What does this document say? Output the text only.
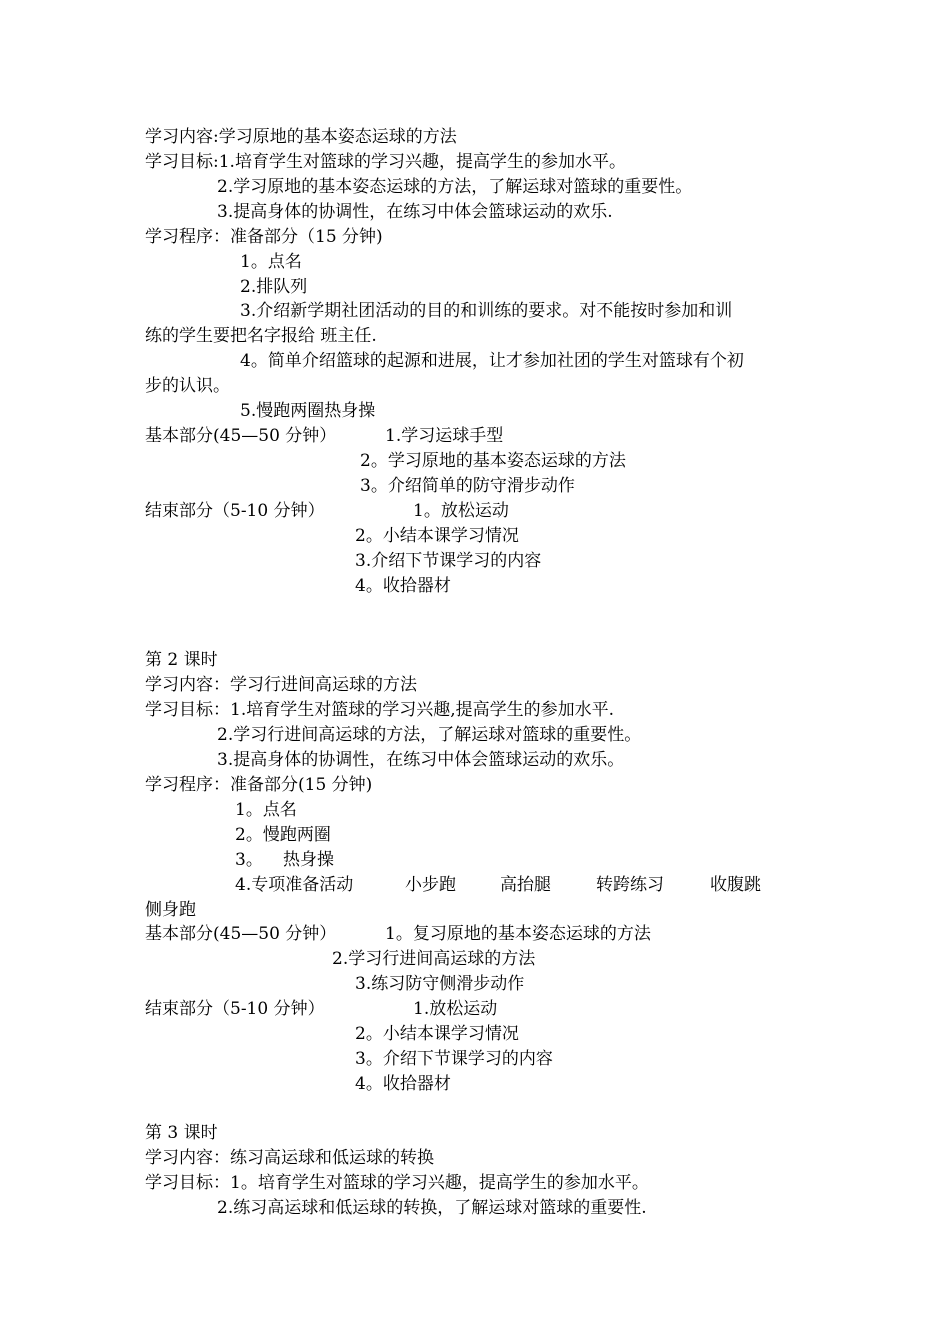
学习内容:学习原地的基本姿态运球的方法
学习目标:1.培育学生对篮球的学习兴趣，提高学生的参加水平。
2.学习原地的基本姿态运球的方法，了解运球对篮球的重要性。
3.提高身体的协调性，在练习中体会篮球运动的欢乐.
学习程序：准备部分（15 分钟)
1。点名
2.排队列
3.介绍新学期社团活动的目的和训练的要求。对不能按时参加和训
练的学生要把名字报给 班主任.
4。简单介绍篮球的起源和进展，让才参加社团的学生对篮球有个初
步的认识。
5.慢跑两圈热身操
基本部分(45—50 分钟）	1.学习运球手型
2。学习原地的基本姿态运球的方法
3。介绍简单的防守滑步动作
结束部分（5-10 分钟）	1。放松运动
2。小结本课学习情况
3.介绍下节课学习的内容
4。收拾器材
第 2 课时
学习内容：学习行进间高运球的方法
学习目标：1.培育学生对篮球的学习兴趣,提高学生的参加水平.
2.学习行进间高运球的方法，了解运球对篮球的重要性。
3.提高身体的协调性，在练习中体会篮球运动的欢乐。
学习程序：准备部分(15 分钟)
1。点名
2。慢跑两圈
3。 热身操
4.专项准备活动	小步跑	高抬腿	转跨练习	收腹跳
侧身跑
基本部分(45—50 分钟）	1。复习原地的基本姿态运球的方法
2.学习行进间高运球的方法
3.练习防守侧滑步动作
结束部分（5-10 分钟）	1.放松运动
2。小结本课学习情况
3。介绍下节课学习的内容
4。收拾器材
第 3 课时
学习内容：练习高运球和低运球的转换
学习目标：1。培育学生对篮球的学习兴趣，提高学生的参加水平。
2.练习高运球和低运球的转换，了解运球对篮球的重要性.
